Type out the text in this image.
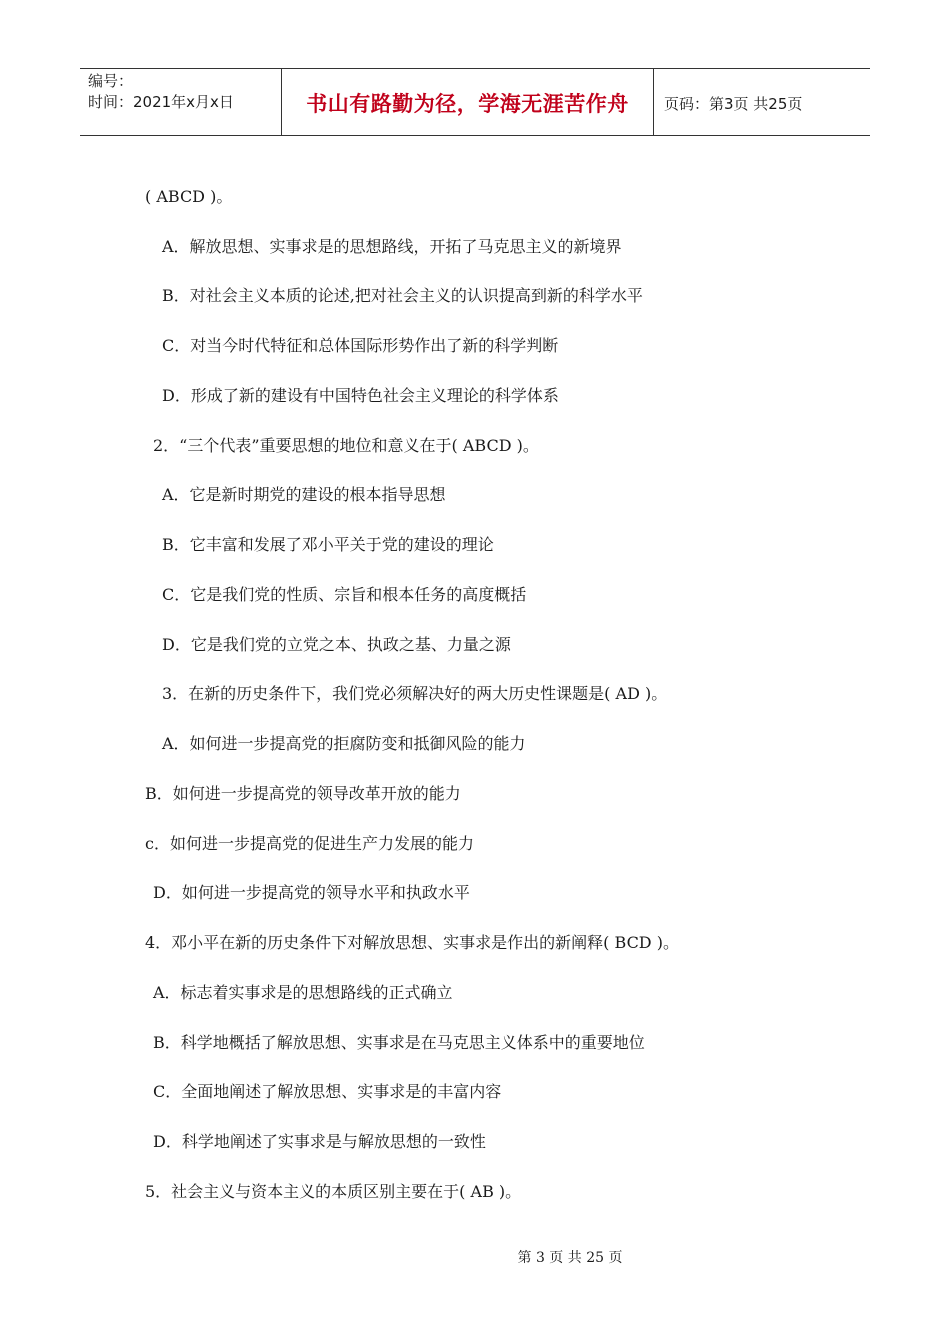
编号：
时间：2021年x月x日	书山有路勤为径，学海无涯苦作舟 页码：第3页 共25页
( ABCD )。
A．解放思想、实事求是的思想路线，开拓了马克思主义的新境界
B．对社会主义本质的论述,把对社会主义的认识提高到新的科学水平
C．对当今时代特征和总体国际形势作出了新的科学判断
D．形成了新的建设有中国特色社会主义理论的科学体系
2．“三个代表”重要思想的地位和意义在于( ABCD )。
A．它是新时期党的建设的根本指导思想
B．它丰富和发展了邓小平关于党的建设的理论
C．它是我们党的性质、宗旨和根本任务的高度概括
D．它是我们党的立党之本、执政之基、力量之源
3．在新的历史条件下，我们党必须解决好的两大历史性课题是( AD )。
A．如何进一步提高党的拒腐防变和抵御风险的能力
B．如何进一步提高党的领导改革开放的能力
c．如何进一步提高党的促进生产力发展的能力
D．如何进一步提高党的领导水平和执政水平
4．邓小平在新的历史条件下对解放思想、实事求是作出的新阐释( BCD )。
A．标志着实事求是的思想路线的正式确立
B．科学地概括了解放思想、实事求是在马克思主义体系中的重要地位
C．全面地阐述了解放思想、实事求是的丰富内容
D．科学地阐述了实事求是与解放思想的一致性
5．社会主义与资本主义的本质区别主要在于( AB )。
第 3 页 共 25 页
